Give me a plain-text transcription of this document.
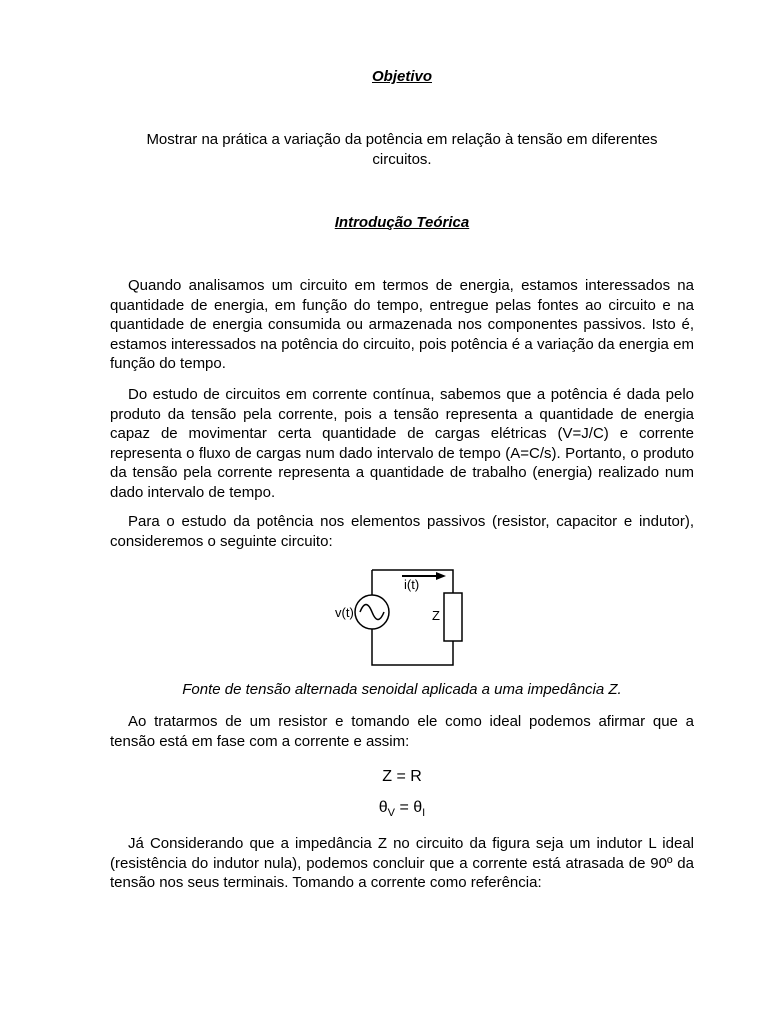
Objetivo
Mostrar na prática a variação da potência em relação à tensão em diferentes circuitos.
Introdução Teórica

Quando analisamos um circuito em termos de energia, estamos interessados na quantidade de energia, em função do tempo, entregue pelas fontes ao circuito e na quantidade de energia consumida ou armazenada nos componentes passivos. Isto é, estamos interessados na potência do circuito, pois potência é a variação da energia em função do tempo.

Do estudo de circuitos em corrente contínua, sabemos que a potência é dada pelo produto da tensão pela corrente, pois a tensão representa a quantidade de energia capaz de movimentar certa quantidade de cargas elétricas (V=J/C) e corrente representa o fluxo de cargas num dado intervalo de tempo (A=C/s). Portanto, o produto da tensão pela corrente representa a quantidade de trabalho (energia) realizado num dado intervalo de tempo.

Para o estudo da potência nos elementos passivos (resistor, capacitor e indutor), consideremos o seguinte circuito:

v(t)
i(t)
Z
Fonte de tensão alternada senoidal aplicada a uma impedância Z.

Ao tratarmos de um resistor e tomando ele como ideal podemos afirmar que a tensão está em fase com a corrente e assim:

Z = R
$\theta_V = \theta_I$

Já Considerando que a impedância Z no circuito da figura seja um indutor L ideal (resistência do indutor nula), podemos concluir que a corrente está atrasada de 90º da tensão nos seus terminais. Tomando a corrente como referência:
